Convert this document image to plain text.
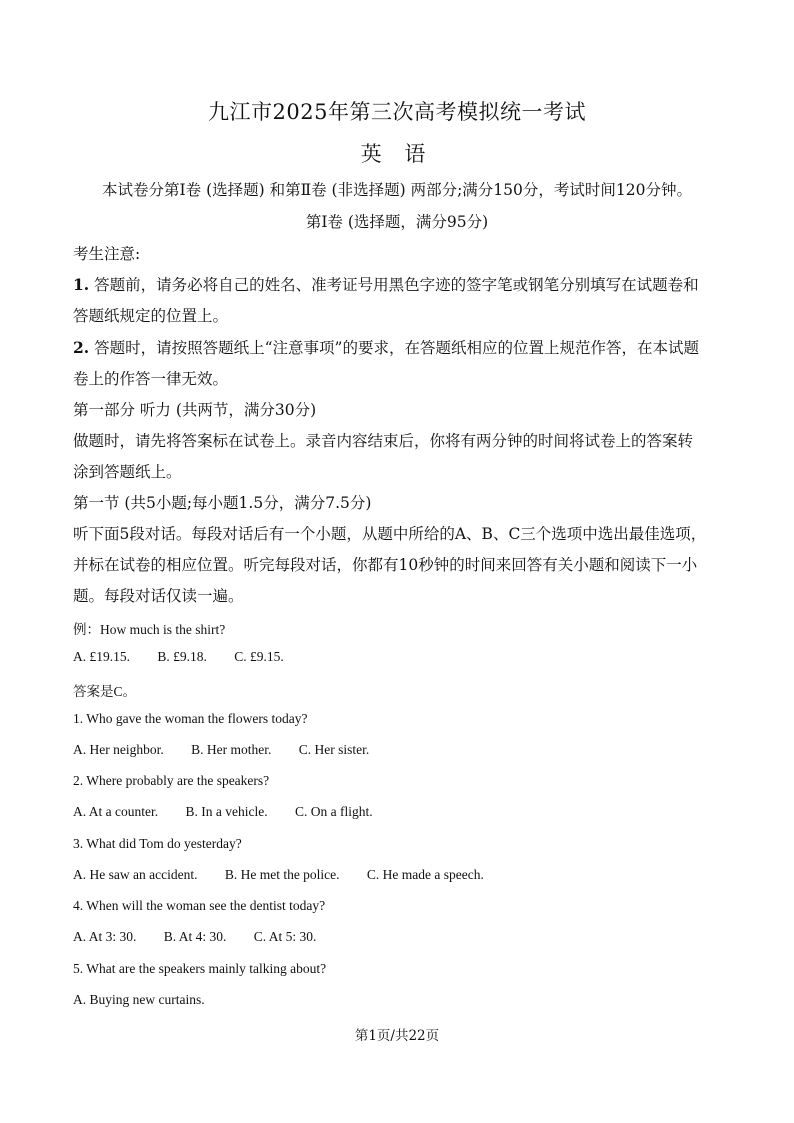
九江市2025年第三次高考模拟统一考试
英 语
本试卷分第Ⅰ卷 (选择题) 和第Ⅱ卷 (非选择题) 两部分;满分150分，考试时间120分钟。
第Ⅰ卷 (选择题，满分95分)
考生注意:
1. 答题前，请务必将自己的姓名、准考证号用黑色字迹的签字笔或钢笔分别填写在试题卷和
答题纸规定的位置上。
2. 答题时，请按照答题纸上“注意事项”的要求，在答题纸相应的位置上规范作答，在本试题
卷上的作答一律无效。
第一部分 听力 (共两节，满分30分)
做题时，请先将答案标在试卷上。录音内容结束后，你将有两分钟的时间将试卷上的答案转
涂到答题纸上。
第一节 (共5小题;每小题1.5分，满分7.5分)
听下面5段对话。每段对话后有一个小题，从题中所给的A、B、C三个选项中选出最佳选项，
并标在试卷的相应位置。听完每段对话，你都有10秒钟的时间来回答有关小题和阅读下一小
题。每段对话仅读一遍。
例：How much is the shirt?
A. £19.15. B. £9.18. C. £9.15.
答案是C。
1. Who gave the woman the flowers today?
A. Her neighbor. B. Her mother. C. Her sister.
2. Where probably are the speakers?
A. At a counter. B. In a vehicle. C. On a flight.
3. What did Tom do yesterday?
A. He saw an accident. B. He met the police. C. He made a speech.
4. When will the woman see the dentist today?
A. At 3: 30. B. At 4: 30. C. At 5: 30.
5. What are the speakers mainly talking about?
A. Buying new curtains.
第1页/共22页
